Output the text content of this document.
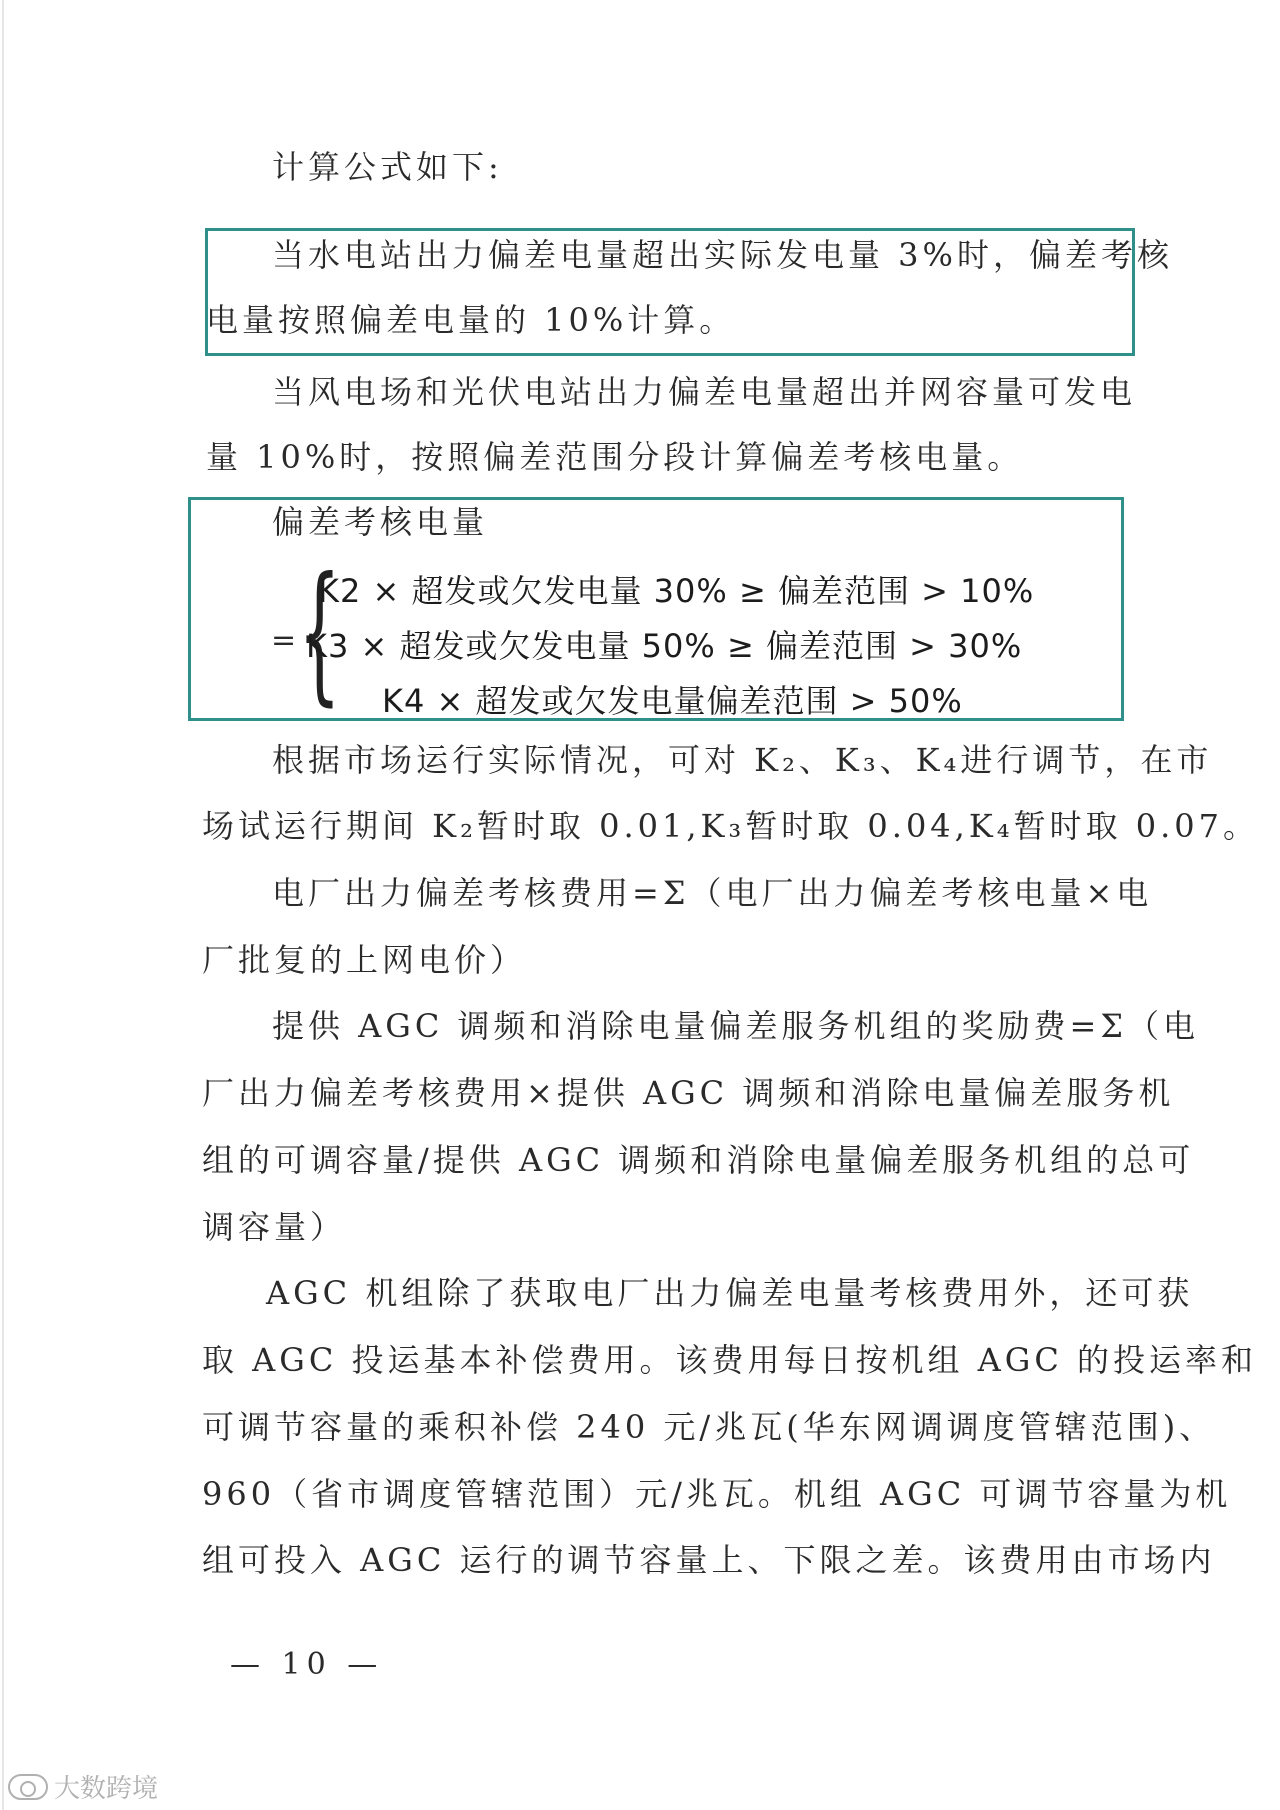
计算公式如下:
当水电站出力偏差电量超出实际发电量 3%时，偏差考核
电量按照偏差电量的 10%计算。
当风电场和光伏电站出力偏差电量超出并网容量可发电
量 10%时，按照偏差范围分段计算偏差考核电量。
偏差考核电量
= {
K2 × 超发或欠发电量 30% ≥ 偏差范围 > 10%
K3 × 超发或欠发电量 50% ≥ 偏差范围 > 30%
K4 × 超发或欠发电量偏差范围 > 50%
根据市场运行实际情况，可对 K₂、K₃、K₄进行调节，在市
场试运行期间 K₂暂时取 0.01,K₃暂时取 0.04,K₄暂时取 0.07。
电厂出力偏差考核费用=Σ（电厂出力偏差考核电量×电
厂批复的上网电价）
提供 AGC 调频和消除电量偏差服务机组的奖励费=Σ（电
厂出力偏差考核费用×提供 AGC 调频和消除电量偏差服务机
组的可调容量/提供 AGC 调频和消除电量偏差服务机组的总可
调容量）
AGC 机组除了获取电厂出力偏差电量考核费用外，还可获
取 AGC 投运基本补偿费用。该费用每日按机组 AGC 的投运率和
可调节容量的乘积补偿 240 元/兆瓦(华东网调调度管辖范围)、
960（省市调度管辖范围）元/兆瓦。机组 AGC 可调节容量为机
组可投入 AGC 运行的调节容量上、下限之差。该费用由市场内
— 10 —
大数跨境
